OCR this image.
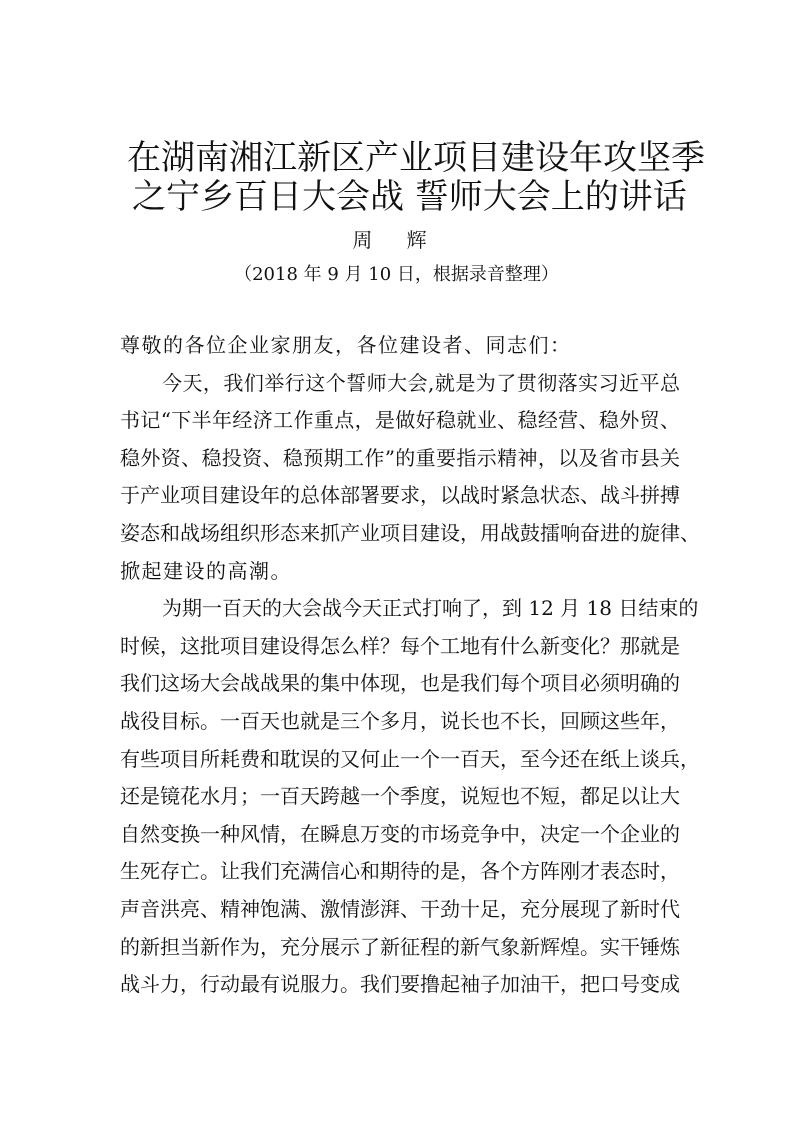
在湖南湘江新区产业项目建设年攻坚季
之宁乡百日大会战 誓师大会上的讲话
周 辉
（2018 年 9 月 10 日，根据录音整理）
尊敬的各位企业家朋友，各位建设者、同志们：
今天，我们举行这个誓师大会,就是为了贯彻落实习近平总
书记“下半年经济工作重点，是做好稳就业、稳经营、稳外贸、
稳外资、稳投资、稳预期工作”的重要指示精神，以及省市县关
于产业项目建设年的总体部署要求，以战时紧急状态、战斗拼搏
姿态和战场组织形态来抓产业项目建设，用战鼓擂响奋进的旋律、
掀起建设的高潮。
为期一百天的大会战今天正式打响了，到 12 月 18 日结束的
时候，这批项目建设得怎么样？每个工地有什么新变化？那就是
我们这场大会战战果的集中体现，也是我们每个项目必须明确的
战役目标。一百天也就是三个多月，说长也不长，回顾这些年，
有些项目所耗费和耽误的又何止一个一百天，至今还在纸上谈兵，
还是镜花水月；一百天跨越一个季度，说短也不短，都足以让大
自然变换一种风情，在瞬息万变的市场竞争中，决定一个企业的
生死存亡。让我们充满信心和期待的是，各个方阵刚才表态时，
声音洪亮、精神饱满、激情澎湃、干劲十足，充分展现了新时代
的新担当新作为，充分展示了新征程的新气象新辉煌。实干锤炼
战斗力，行动最有说服力。我们要撸起袖子加油干，把口号变成
